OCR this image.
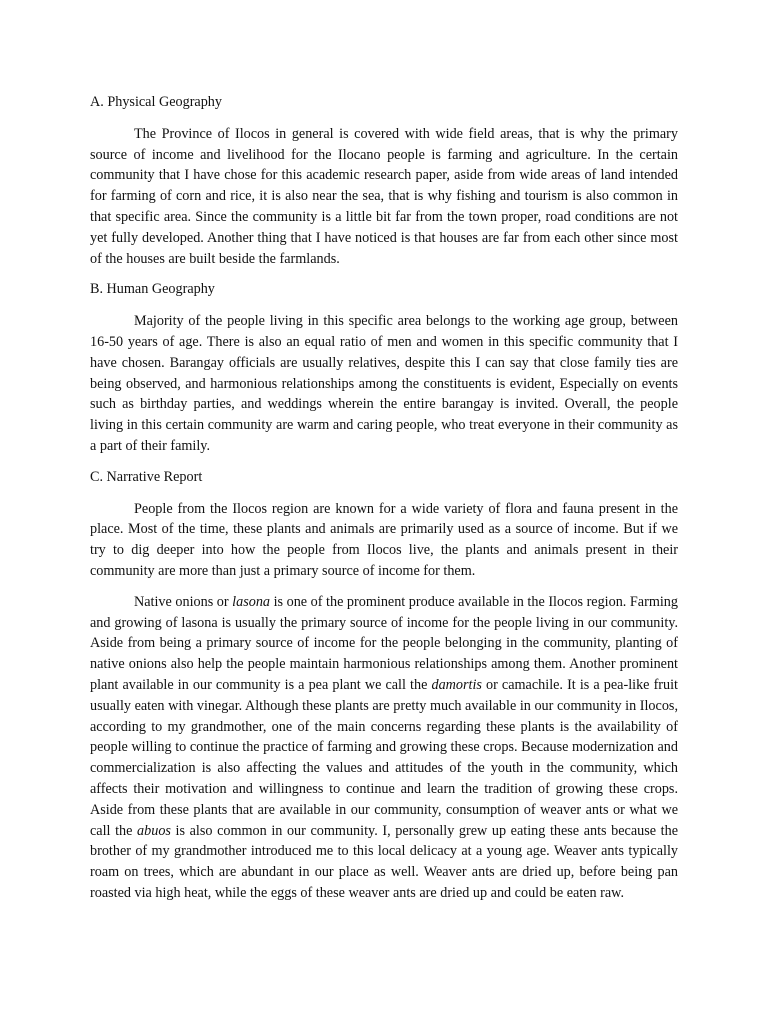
A. Physical Geography

The Province of Ilocos in general is covered with wide field areas, that is why the primary source of income and livelihood for the Ilocano people is farming and agriculture. In the certain community that I have chose for this academic research paper, aside from wide areas of land intended for farming of corn and rice, it is also near the sea, that is why fishing and tourism is also common in that specific area. Since the community is a little bit far from the town proper, road conditions are not yet fully developed. Another thing that I have noticed is that houses are far from each other since most of the houses are built beside the farmlands.

B. Human Geography

Majority of the people living in this specific area belongs to the working age group, between 16-50 years of age. There is also an equal ratio of men and women in this specific community that I have chosen. Barangay officials are usually relatives, despite this I can say that close family ties are being observed, and harmonious relationships among the constituents is evident, Especially on events such as birthday parties, and weddings wherein the entire barangay is invited. Overall, the people living in this certain community are warm and caring people, who treat everyone in their community as a part of their family.

C. Narrative Report

People from the Ilocos region are known for a wide variety of flora and fauna present in the place. Most of the time, these plants and animals are primarily used as a source of income. But if we try to dig deeper into how the people from Ilocos live, the plants and animals present in their community are more than just a primary source of income for them.

Native onions or lasona is one of the prominent produce available in the Ilocos region. Farming and growing of lasona is usually the primary source of income for the people living in our community. Aside from being a primary source of income for the people belonging in the community, planting of native onions also help the people maintain harmonious relationships among them. Another prominent plant available in our community is a pea plant we call the damortis or camachile. It is a pea-like fruit usually eaten with vinegar. Although these plants are pretty much available in our community in Ilocos, according to my grandmother, one of the main concerns regarding these plants is the availability of people willing to continue the practice of farming and growing these crops. Because modernization and commercialization is also affecting the values and attitudes of the youth in the community, which affects their motivation and willingness to continue and learn the tradition of growing these crops. Aside from these plants that are available in our community, consumption of weaver ants or what we call the abuos is also common in our community. I, personally grew up eating these ants because the brother of my grandmother introduced me to this local delicacy at a young age. Weaver ants typically roam on trees, which are abundant in our place as well. Weaver ants are dried up, before being pan roasted via high heat, while the eggs of these weaver ants are dried up and could be eaten raw.
